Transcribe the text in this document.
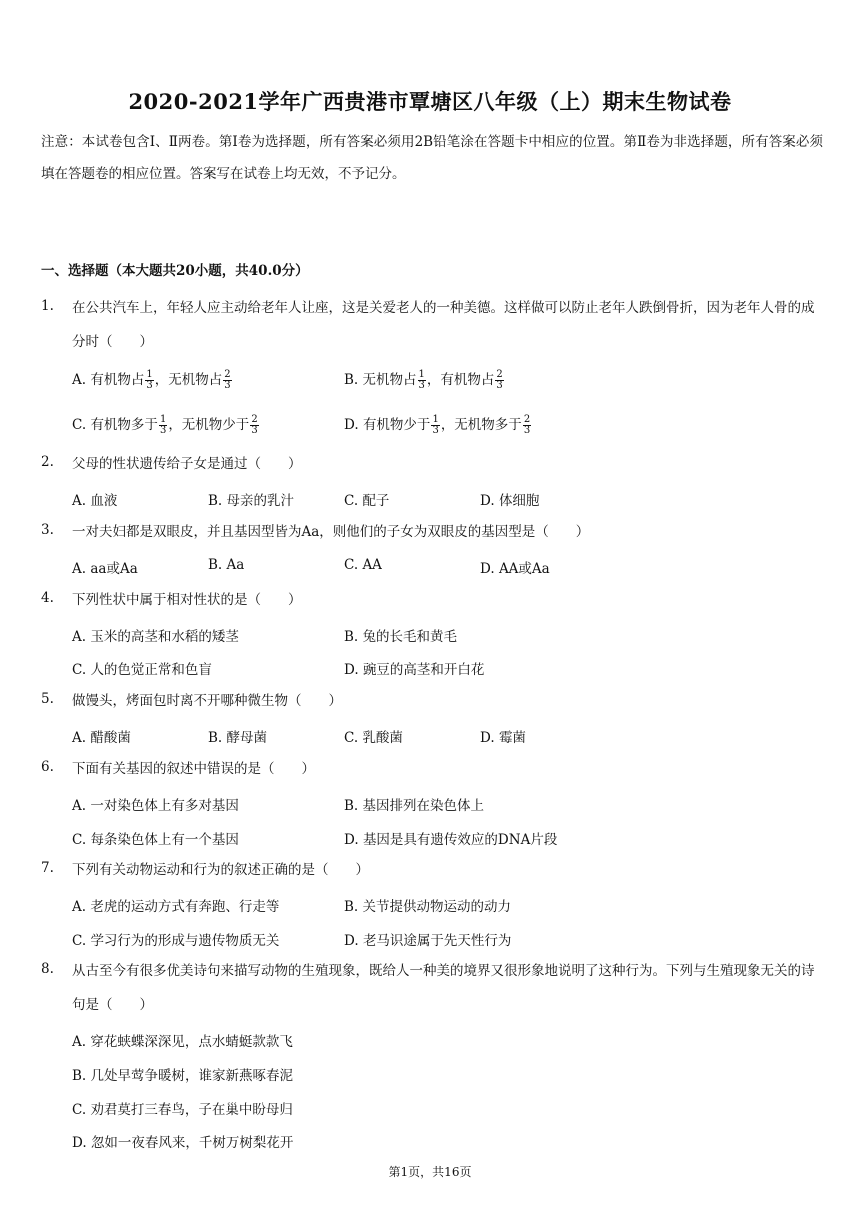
2020-2021学年广西贵港市覃塘区八年级（上）期末生物试卷
注意：本试卷包含Ⅰ、Ⅱ两卷。第Ⅰ卷为选择题，所有答案必须用2B铅笔涂在答题卡中相应的位置。第Ⅱ卷为非选择题，所有答案必须填在答题卷的相应位置。答案写在试卷上均无效，不予记分。
一、选择题（本大题共20小题，共40.0分）
1. 在公共汽车上，年轻人应主动给老年人让座，这是关爱老人的一种美德。这样做可以防止老年人跌倒骨折，因为老年人骨的成分时（　　）
A. 有机物占 $\frac{1}{3}$ ，无机物占 $\frac{2}{3}$	B. 无机物占 $\frac{1}{3}$ ，有机物占 $\frac{2}{3}$
C. 有机物多于 $\frac{1}{3}$ ，无机物少于 $\frac{2}{3}$	D. 有机物少于 $\frac{1}{3}$ ，无机物多于 $\frac{2}{3}$
2. 父母的性状遗传给子女是通过（　　）
A. 血液	B. 母亲的乳汁	C. 配子	D. 体细胞
3. 一对夫妇都是双眼皮，并且基因型皆为Aa，则他们的子女为双眼皮的基因型是（　　）
A. aa或Aa	B. Aa	C. AA	D. AA或Aa
4. 下列性状中属于相对性状的是（　　）
A. 玉米的高茎和水稻的矮茎	B. 兔的长毛和黄毛
C. 人的色觉正常和色盲	D. 豌豆的高茎和开白花
5. 做馒头，烤面包时离不开哪种微生物（　　）
A. 醋酸菌	B. 酵母菌	C. 乳酸菌	D. 霉菌
6. 下面有关基因的叙述中错误的是（　　）
A. 一对染色体上有多对基因	B. 基因排列在染色体上
C. 每条染色体上有一个基因	D. 基因是具有遗传效应的DNA片段
7. 下列有关动物运动和行为的叙述正确的是（　　）
A. 老虎的运动方式有奔跑、行走等	B. 关节提供动物运动的动力
C. 学习行为的形成与遗传物质无关	D. 老马识途属于先天性行为
8. 从古至今有很多优美诗句来描写动物的生殖现象，既给人一种美的境界又很形象地说明了这种行为。下列与生殖现象无关的诗句是（　　）
A. 穿花蛱蝶深深见，点水蜻蜓款款飞
B. 几处早莺争暖树，谁家新燕啄春泥
C. 劝君莫打三春鸟，子在巢中盼母归
D. 忽如一夜春风来，千树万树梨花开
第1页，共16页
